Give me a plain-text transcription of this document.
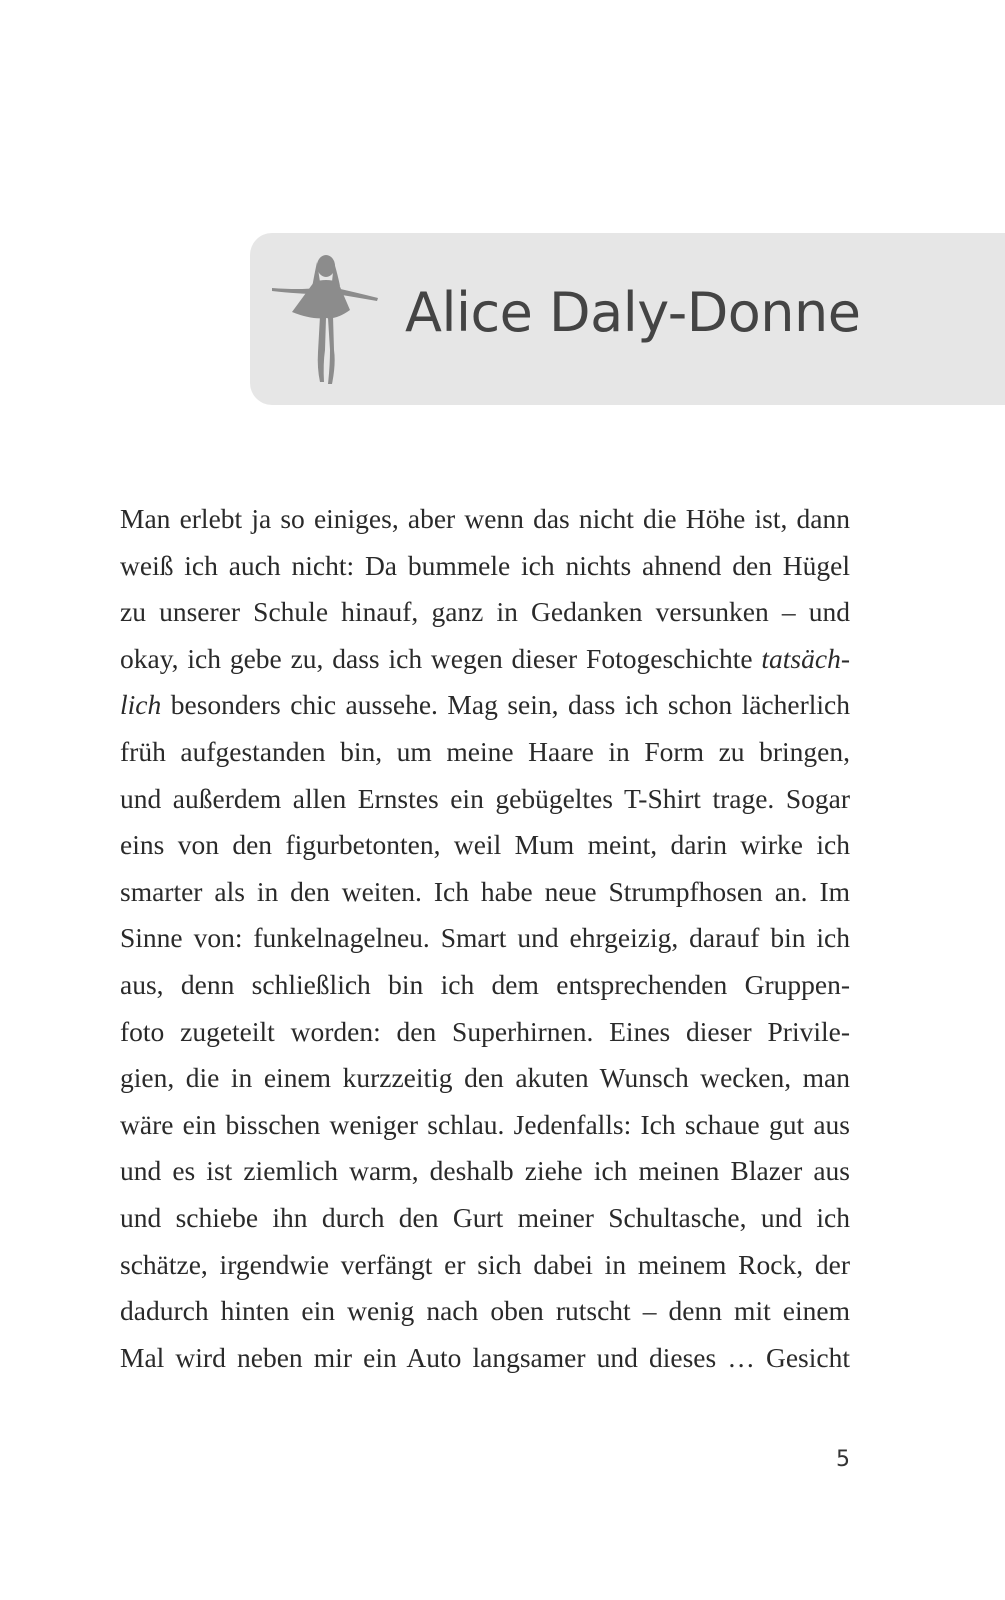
Alice Daly-Donne
Man erlebt ja so einiges, aber wenn das nicht die Höhe ist, dann
weiß ich auch nicht: Da bummele ich nichts ahnend den Hügel
zu unserer Schule hinauf, ganz in Gedanken versunken – und
okay, ich gebe zu, dass ich wegen dieser Fotogeschichte tatsäch-
lich besonders chic aussehe. Mag sein, dass ich schon lächerlich
früh aufgestanden bin, um meine Haare in Form zu bringen,
und außerdem allen Ernstes ein gebügeltes T-Shirt trage. Sogar
eins von den figurbetonten, weil Mum meint, darin wirke ich
smarter als in den weiten. Ich habe neue Strumpfhosen an. Im
Sinne von: funkelnagelneu. Smart und ehrgeizig, darauf bin ich
aus, denn schließlich bin ich dem entsprechenden Gruppen-
foto zugeteilt worden: den Superhirnen. Eines dieser Privile-
gien, die in einem kurzzeitig den akuten Wunsch wecken, man
wäre ein bisschen weniger schlau. Jedenfalls: Ich schaue gut aus
und es ist ziemlich warm, deshalb ziehe ich meinen Blazer aus
und schiebe ihn durch den Gurt meiner Schultasche, und ich
schätze, irgendwie verfängt er sich dabei in meinem Rock, der
dadurch hinten ein wenig nach oben rutscht – denn mit einem
Mal wird neben mir ein Auto langsamer und dieses … Gesicht
5
